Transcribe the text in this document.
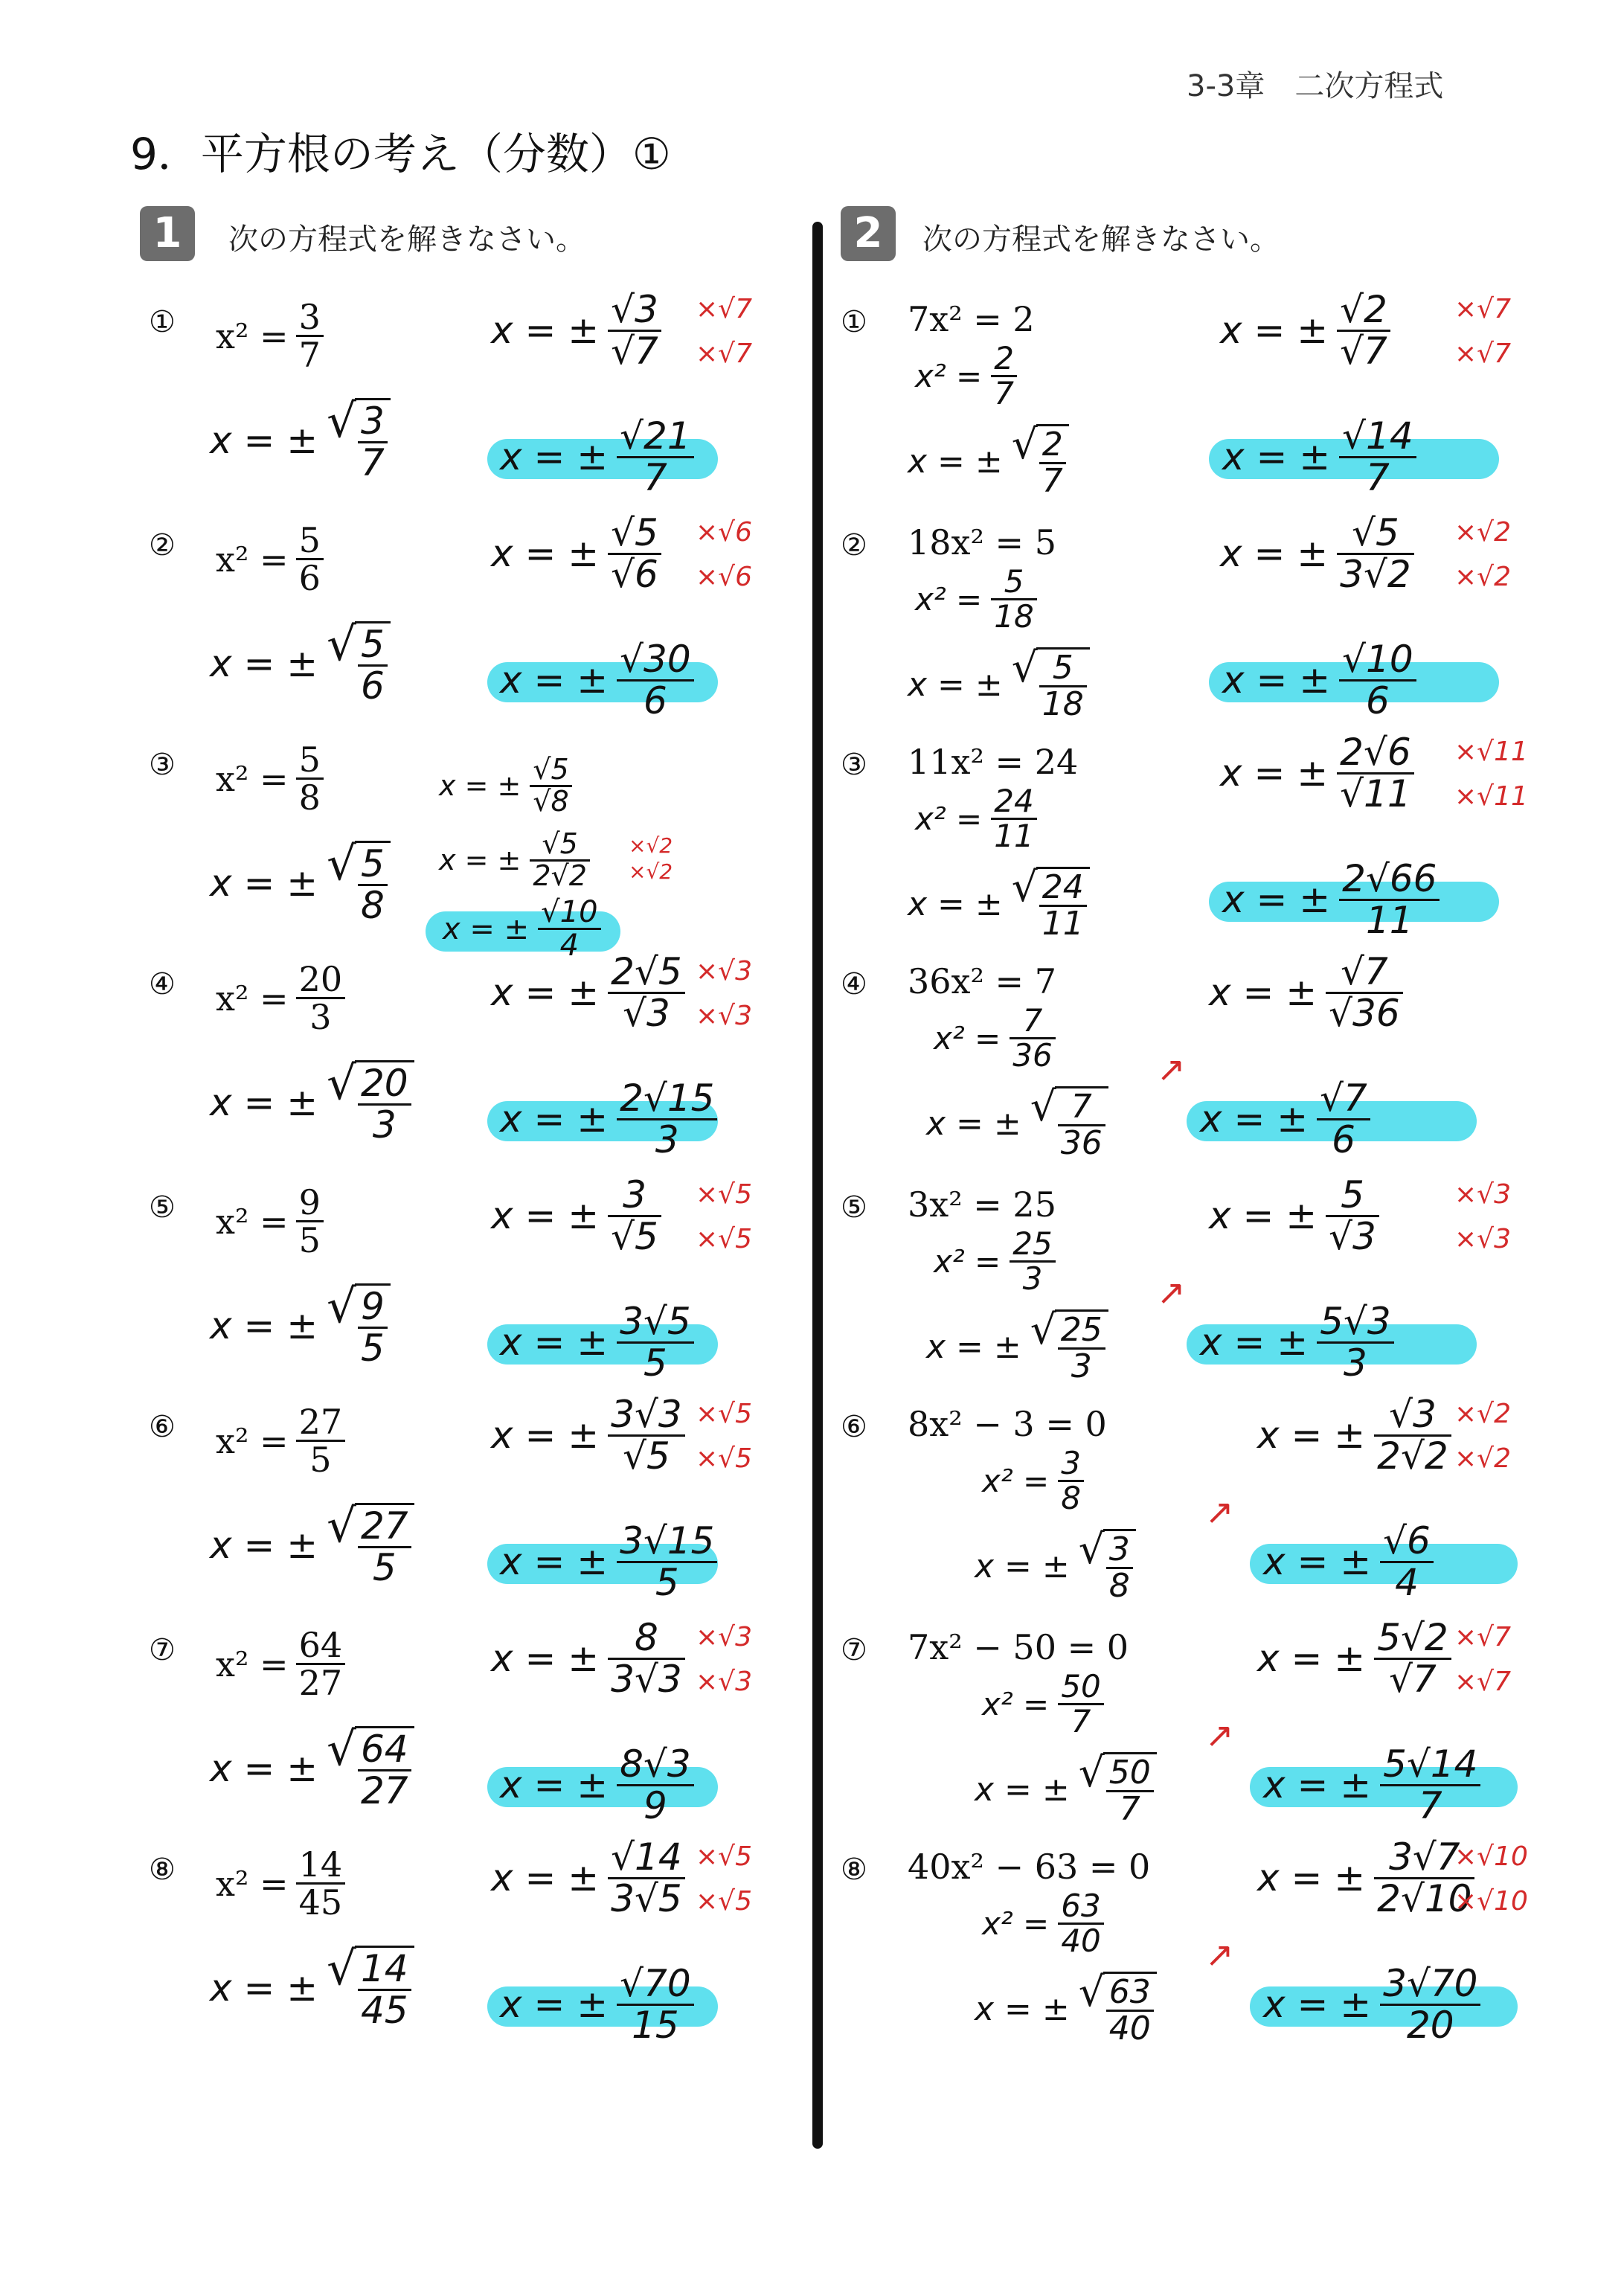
3-3章　二次方程式
9．平方根の考え（分数）①
1	次の方程式を解きなさい。	2	次の方程式を解きなさい。
① $x^2 = \frac{3}{7}$
x = ± √ $\frac{3}{7}$
x = ± $\frac{√3}{√7} \times√7$
×√7
x = ± $\frac{√21}{7}$
② $x^2 = \frac{5}{6}$
x = ± √ $\frac{5}{6}$
x = ± $\frac{√5}{√6} \times√6$
×√6
x = ± $\frac{√30}{6}$
③ $x^2 = \frac{5}{8}$
x = ± √ $\frac{5}{8}$
x = ± $\frac{√5}{√8}$
x = ± $\frac{√5}{2√2} \times√2$
×√2
x = ± $\frac{√10}{4}$
④ $x^2 = \frac{20}{3}$
x = ± √ $\frac{20}{3}$
x = ± $\frac{2√5}{√3} \times√3$
×√3
x = ± $\frac{2√15}{3}$
⑤ $x^2 = \frac{9}{5}$
x = ± √ $\frac{9}{5}$
x = ± $\frac{3}{√5} \times√5$
×√5
x = ± $\frac{3√5}{5}$
⑥ $x^2 = \frac{27}{5}$
x = ± √ $\frac{27}{5}$
x = ± $\frac{3√3}{√5} \times√5$
×√5
x = ± $\frac{3√15}{5}$
⑦ $x^2 = \frac{64}{27}$
x = ± √ $\frac{64}{27}$
x = ± $\frac{8}{3√3} \times√3$
×√3
x = ± $\frac{8√3}{9}$
⑧ $x^2 = \frac{14}{45}$
x = ± √ $\frac{14}{45}$
x = ± $\frac{√14}{3√5} \times√5$
×√5
x = ± $\frac{√70}{15}$
① 7x² = 2
$x^2 = \frac{2}{7}$
x = ± √ $\frac{2}{7}$
x = ± $\frac{√2}{√7} \times√7$
×√7
x = ± $\frac{√14}{7}$
② 18x² = 5
$x^2 = \frac{5}{18}$
x = ± √ $\frac{5}{18}$
x = ± $\frac{√5}{3√2} \times√2$
×√2
x = ± $\frac{√10}{6}$
③ 11x² = 24
$x^2 = \frac{24}{11}$
x = ± √ $\frac{24}{11}$
x = ± $\frac{2√6}{√11} \times√11$
×√11
x = ± $\frac{2√66}{11}$
④ 36x² = 7
$x^2 = \frac{7}{36}$
x = ± √ $\frac{7}{36}$
x = ± $\frac{√7}{√36}$
↗
x = ± $\frac{√7}{6}$
⑤ 3x² = 25
$x^2 = \frac{25}{3}$
x = ± √ $\frac{25}{3}$
x = ± $\frac{5}{√3}$	×√3
×√3
↗
x = ± $\frac{5√3}{3}$
⑥ 8x² − 3 = 0
$x^2 = \frac{3}{8}$
x = ± √ $\frac{3}{8}$
x = ± $\frac{√3}{2√2} \times√2$
×√2
↗
x = ± $\frac{√6}{4}$
⑦ 7x² − 50 = 0
$x^2 = \frac{50}{7}$
x = ± √ $\frac{50}{7}$
x = ± $\frac{5√2}{√7} \times√7$
×√7
↗
x = ± $\frac{5√14}{7}$
⑧ 40x² − 63 = 0
$x^2 = \frac{63}{40}$
x = ± √ $\frac{63}{40}$
x = ± $\frac{3√7}{2√10}$
×√10
×√10
↗
x = ± $\frac{3√70}{20}$
